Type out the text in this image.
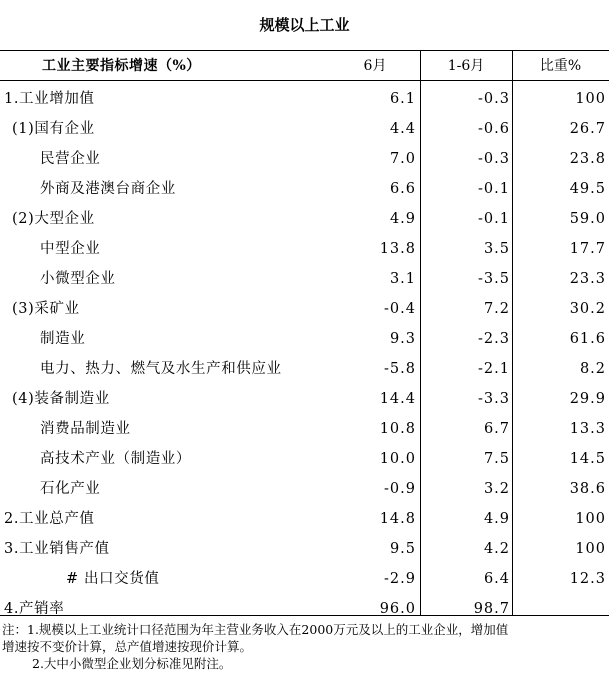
规模以上工业
工业主要指标增速（%）	6月	1-6月	比重%
1.工业增加值	6.1	-0.3	100
(1)国有企业	4.4	-0.6	26.7
民营企业	7.0	-0.3	23.8
外商及港澳台商企业	6.6	-0.1	49.5
(2)大型企业	4.9	-0.1	59.0
中型企业	13.8	3.5	17.7
小微型企业	3.1	-3.5	23.3
(3)采矿业	-0.4	7.2	30.2
制造业	9.3	-2.3	61.6
电力、热力、燃气及水生产和供应业	-5.8	-2.1	8.2
(4)装备制造业	14.4	-3.3	29.9
消费品制造业	10.8	6.7	13.3
高技术产业（制造业）	10.0	7.5	14.5
石化产业	-0.9	3.2	38.6
2.工业总产值	14.8	4.9	100
3.工业销售产值	9.5	4.2	100
# 出口交货值	-2.9	6.4	12.3
4.产销率	96.0	98.7
注：1.规模以上工业统计口径范围为年主营业务收入在2000万元及以上的工业企业，增加值
增速按不变价计算，总产值增速按现价计算。
2.大中小微型企业划分标准见附注。
